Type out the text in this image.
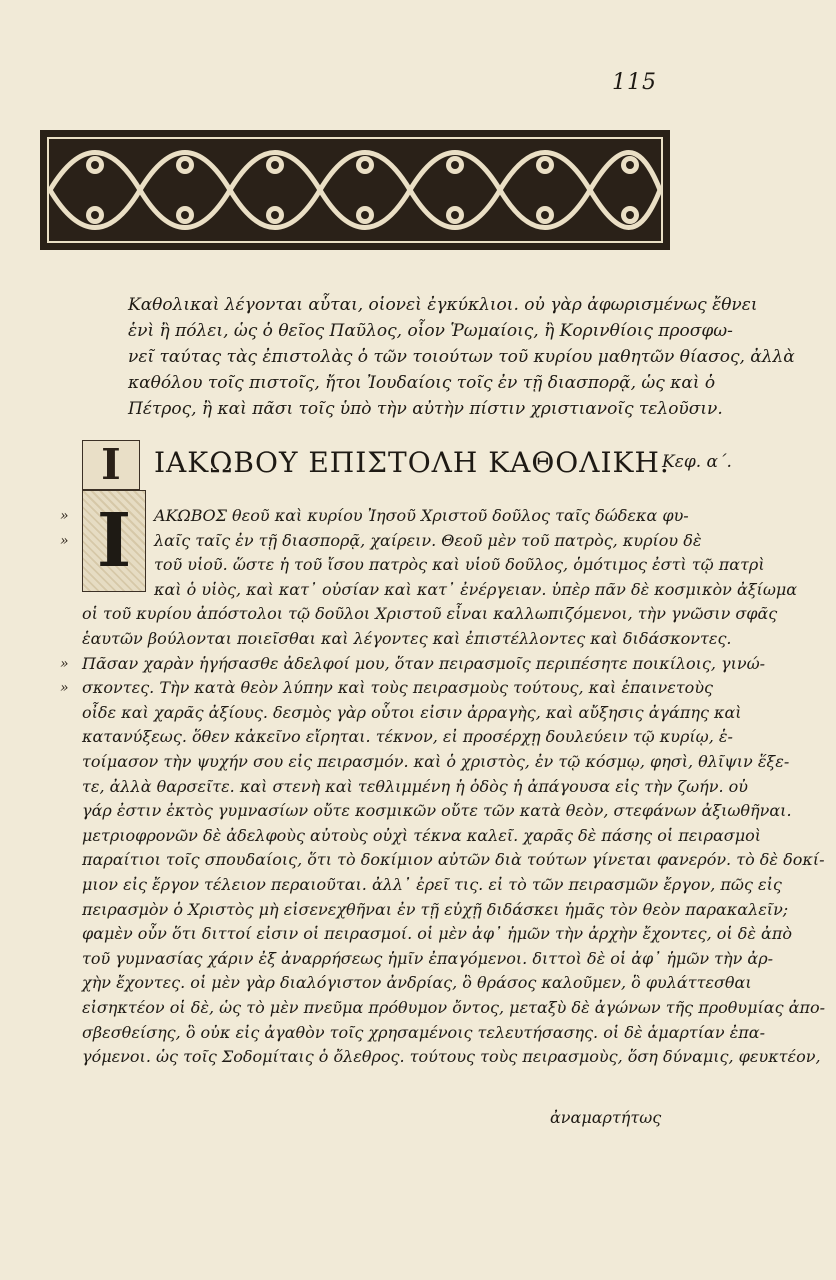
115
Καθολικαὶ λέγονται αὗται, οἱονεὶ ἐγκύκλιοι. οὐ γὰρ ἀφωρισμένως ἔθνει
ἑνὶ ἢ πόλει, ὡς ὁ θεῖος Παῦλος, οἷον Ῥωμαίοις, ἢ Κορινθίοις προσφω-
νεῖ ταύτας τὰς ἐπιστολὰς ὁ τῶν τοιούτων τοῦ κυρίου μαθητῶν θίασος, ἀλλὰ
καθόλου τοῖς πιστοῖς, ἤτοι Ἰουδαίοις τοῖς ἐν τῇ διασπορᾷ, ὡς καὶ ὁ
Πέτρος, ἢ καὶ πᾶσι τοῖς ὑπὸ τὴν αὐτὴν πίστιν χριστιανοῖς τελοῦσιν.
Ι	ΙΑΚΩΒΟΥ ΕΠΙΣΤΟΛΗ ΚΑΘΟΛΙΚΗ.
Κεφ. α΄.
Ι
»	ΑΚΩΒΟΣ θεοῦ καὶ κυρίου Ἰησοῦ Χριστοῦ δοῦλος ταῖς δώδεκα φυ-
»	λαῖς ταῖς ἐν τῇ διασπορᾷ, χαίρειν. Θεοῦ μὲν τοῦ πατρὸς, κυρίου δὲ
τοῦ υἱοῦ. ὥστε ἡ τοῦ ἴσου πατρὸς καὶ υἱοῦ δοῦλος, ὁμότιμος ἐστὶ τῷ πατρὶ
καὶ ὁ υἱὸς, καὶ κατ᾽ οὐσίαν καὶ κατ᾽ ἐνέργειαν. ὑπὲρ πᾶν δὲ κοσμικὸν ἀξίωμα
οἱ τοῦ κυρίου ἀπόστολοι τῷ δοῦλοι Χριστοῦ εἶναι καλλωπιζόμενοι, τὴν γνῶσιν σφᾶς
ἑαυτῶν βούλονται ποιεῖσθαι καὶ λέγοντες καὶ ἐπιστέλλοντες καὶ διδάσκοντες.
» Πᾶσαν χαρὰν ἡγήσασθε ἀδελφοί μου, ὅταν πειρασμοῖς περιπέσητε ποικίλοις, γινώ-
» σκοντες. Τὴν κατὰ θεὸν λύπην καὶ τοὺς πειρασμοὺς τούτους, καὶ ἐπαινετοὺς
οἶδε καὶ χαρᾶς ἀξίους. δεσμὸς γὰρ οὗτοι εἰσιν ἀρραγὴς, καὶ αὔξησις ἀγάπης καὶ
κατανύξεως. ὅθεν κἀκεῖνο εἴρηται. τέκνον, εἰ προσέρχῃ δουλεύειν τῷ κυρίῳ, ἑ-
τοίμασον τὴν ψυχήν σου εἰς πειρασμόν. καὶ ὁ χριστὸς, ἐν τῷ κόσμῳ, φησὶ, θλῖψιν ἕξε-
τε, ἀλλὰ θαρσεῖτε. καὶ στενὴ καὶ τεθλιμμένη ἡ ὁδὸς ἡ ἀπάγουσα εἰς τὴν ζωήν. οὐ
γάρ ἐστιν ἐκτὸς γυμνασίων οὔτε κοσμικῶν οὔτε τῶν κατὰ θεὸν, στεφάνων ἀξιωθῆναι.
μετριοφρονῶν δὲ ἀδελφοὺς αὐτοὺς οὐχὶ τέκνα καλεῖ. χαρᾶς δὲ πάσης οἱ πειρασμοὶ
παραίτιοι τοῖς σπουδαίοις, ὅτι τὸ δοκίμιον αὐτῶν διὰ τούτων γίνεται φανερόν. τὸ δὲ δοκί-
μιον εἰς ἔργον τέλειον περαιοῦται. ἀλλ᾽ ἐρεῖ τις. εἰ τὸ τῶν πειρασμῶν ἔργον, πῶς εἰς
πειρασμὸν ὁ Χριστὸς μὴ εἰσενεχθῆναι ἐν τῇ εὐχῇ διδάσκει ἡμᾶς τὸν θεὸν παρακαλεῖν;
φαμὲν οὖν ὅτι διττοί εἰσιν οἱ πειρασμοί. οἱ μὲν ἀφ᾽ ἡμῶν τὴν ἀρχὴν ἔχοντες, οἱ δὲ ἀπὸ
τοῦ γυμνασίας χάριν ἐξ ἀναρρήσεως ἡμῖν ἐπαγόμενοι. διττοὶ δὲ οἱ ἀφ᾽ ἡμῶν τὴν ἀρ-
χὴν ἔχοντες. οἱ μὲν γὰρ διαλόγιστον ἀνδρίας, ὃ θράσος καλοῦμεν, ὃ φυλάττεσθαι
εἰσηκτέον οἱ δὲ, ὡς τὸ μὲν πνεῦμα πρόθυμον ὄντος, μεταξὺ δὲ ἀγώνων τῆς προθυμίας ἀπο-
σβεσθείσης, ὃ οὐκ εἰς ἀγαθὸν τοῖς χρησαμένοις τελευτήσασης. οἱ δὲ ἁμαρτίαν ἐπα-
γόμενοι. ὡς τοῖς Σοδομίταις ὁ ὄλεθρος. τούτους τοὺς πειρασμοὺς, ὅση δύναμις, φευκτέον,
ἀναμαρτήτως
